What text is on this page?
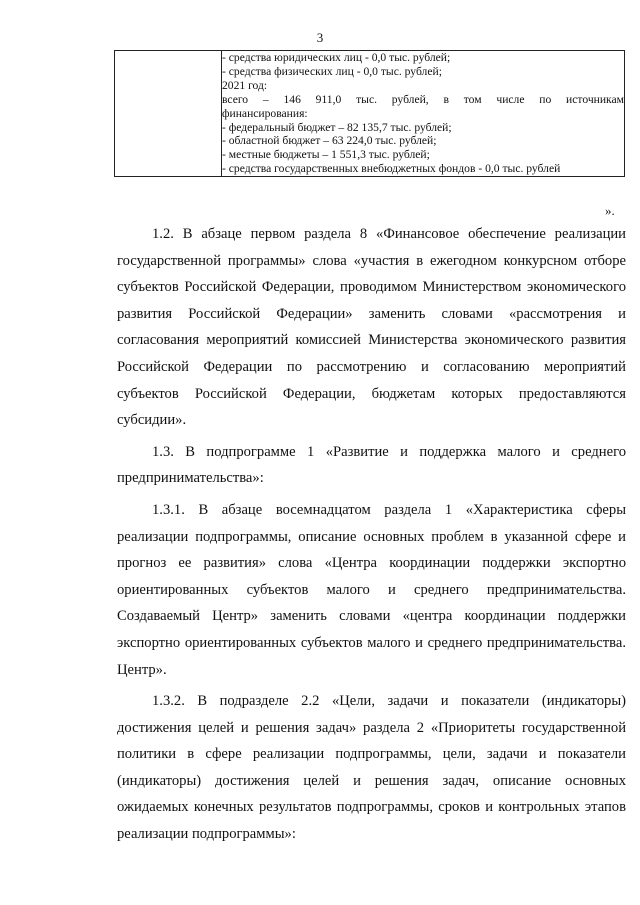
3

- средства юридических лиц - 0,0 тыс. рублей;
- средства физических лиц - 0,0 тыс. рублей;
2021 год:
всего – 146 911,0 тыс. рублей, в том числе по источникам
финансирования:
- федеральный бюджет – 82 135,7 тыс. рублей;
- областной бюджет – 63 224,0 тыс. рублей;
- местные бюджеты – 1 551,3 тыс. рублей;
- средства государственных внебюджетных фондов - 0,0 тыс. рублей
».

1.2. В абзаце первом раздела 8 «Финансовое обеспечение реализации государственной программы» слова «участия в ежегодном конкурсном отборе субъектов Российской Федерации, проводимом Министерством экономического развития Российской Федерации» заменить словами «рассмотрения и согласования мероприятий комиссией Министерства экономического развития Российской Федерации по рассмотрению и согласованию мероприятий субъектов Российской Федерации, бюджетам которых предоставляются субсидии».

1.3. В подпрограмме 1 «Развитие и поддержка малого и среднего предпринимательства»:

1.3.1. В абзаце восемнадцатом раздела 1 «Характеристика сферы реализации подпрограммы, описание основных проблем в указанной сфере и прогноз ее развития» слова «Центра координации поддержки экспортно ориентированных субъектов малого и среднего предпринимательства. Создаваемый Центр» заменить словами «центра координации поддержки экспортно ориентированных субъектов малого и среднего предпринимательства. Центр».

1.3.2. В подразделе 2.2 «Цели, задачи и показатели (индикаторы) достижения целей и решения задач» раздела 2 «Приоритеты государственной политики в сфере реализации подпрограммы, цели, задачи и показатели (индикаторы) достижения целей и решения задач, описание основных ожидаемых конечных результатов подпрограммы, сроков и контрольных этапов реализации подпрограммы»:
